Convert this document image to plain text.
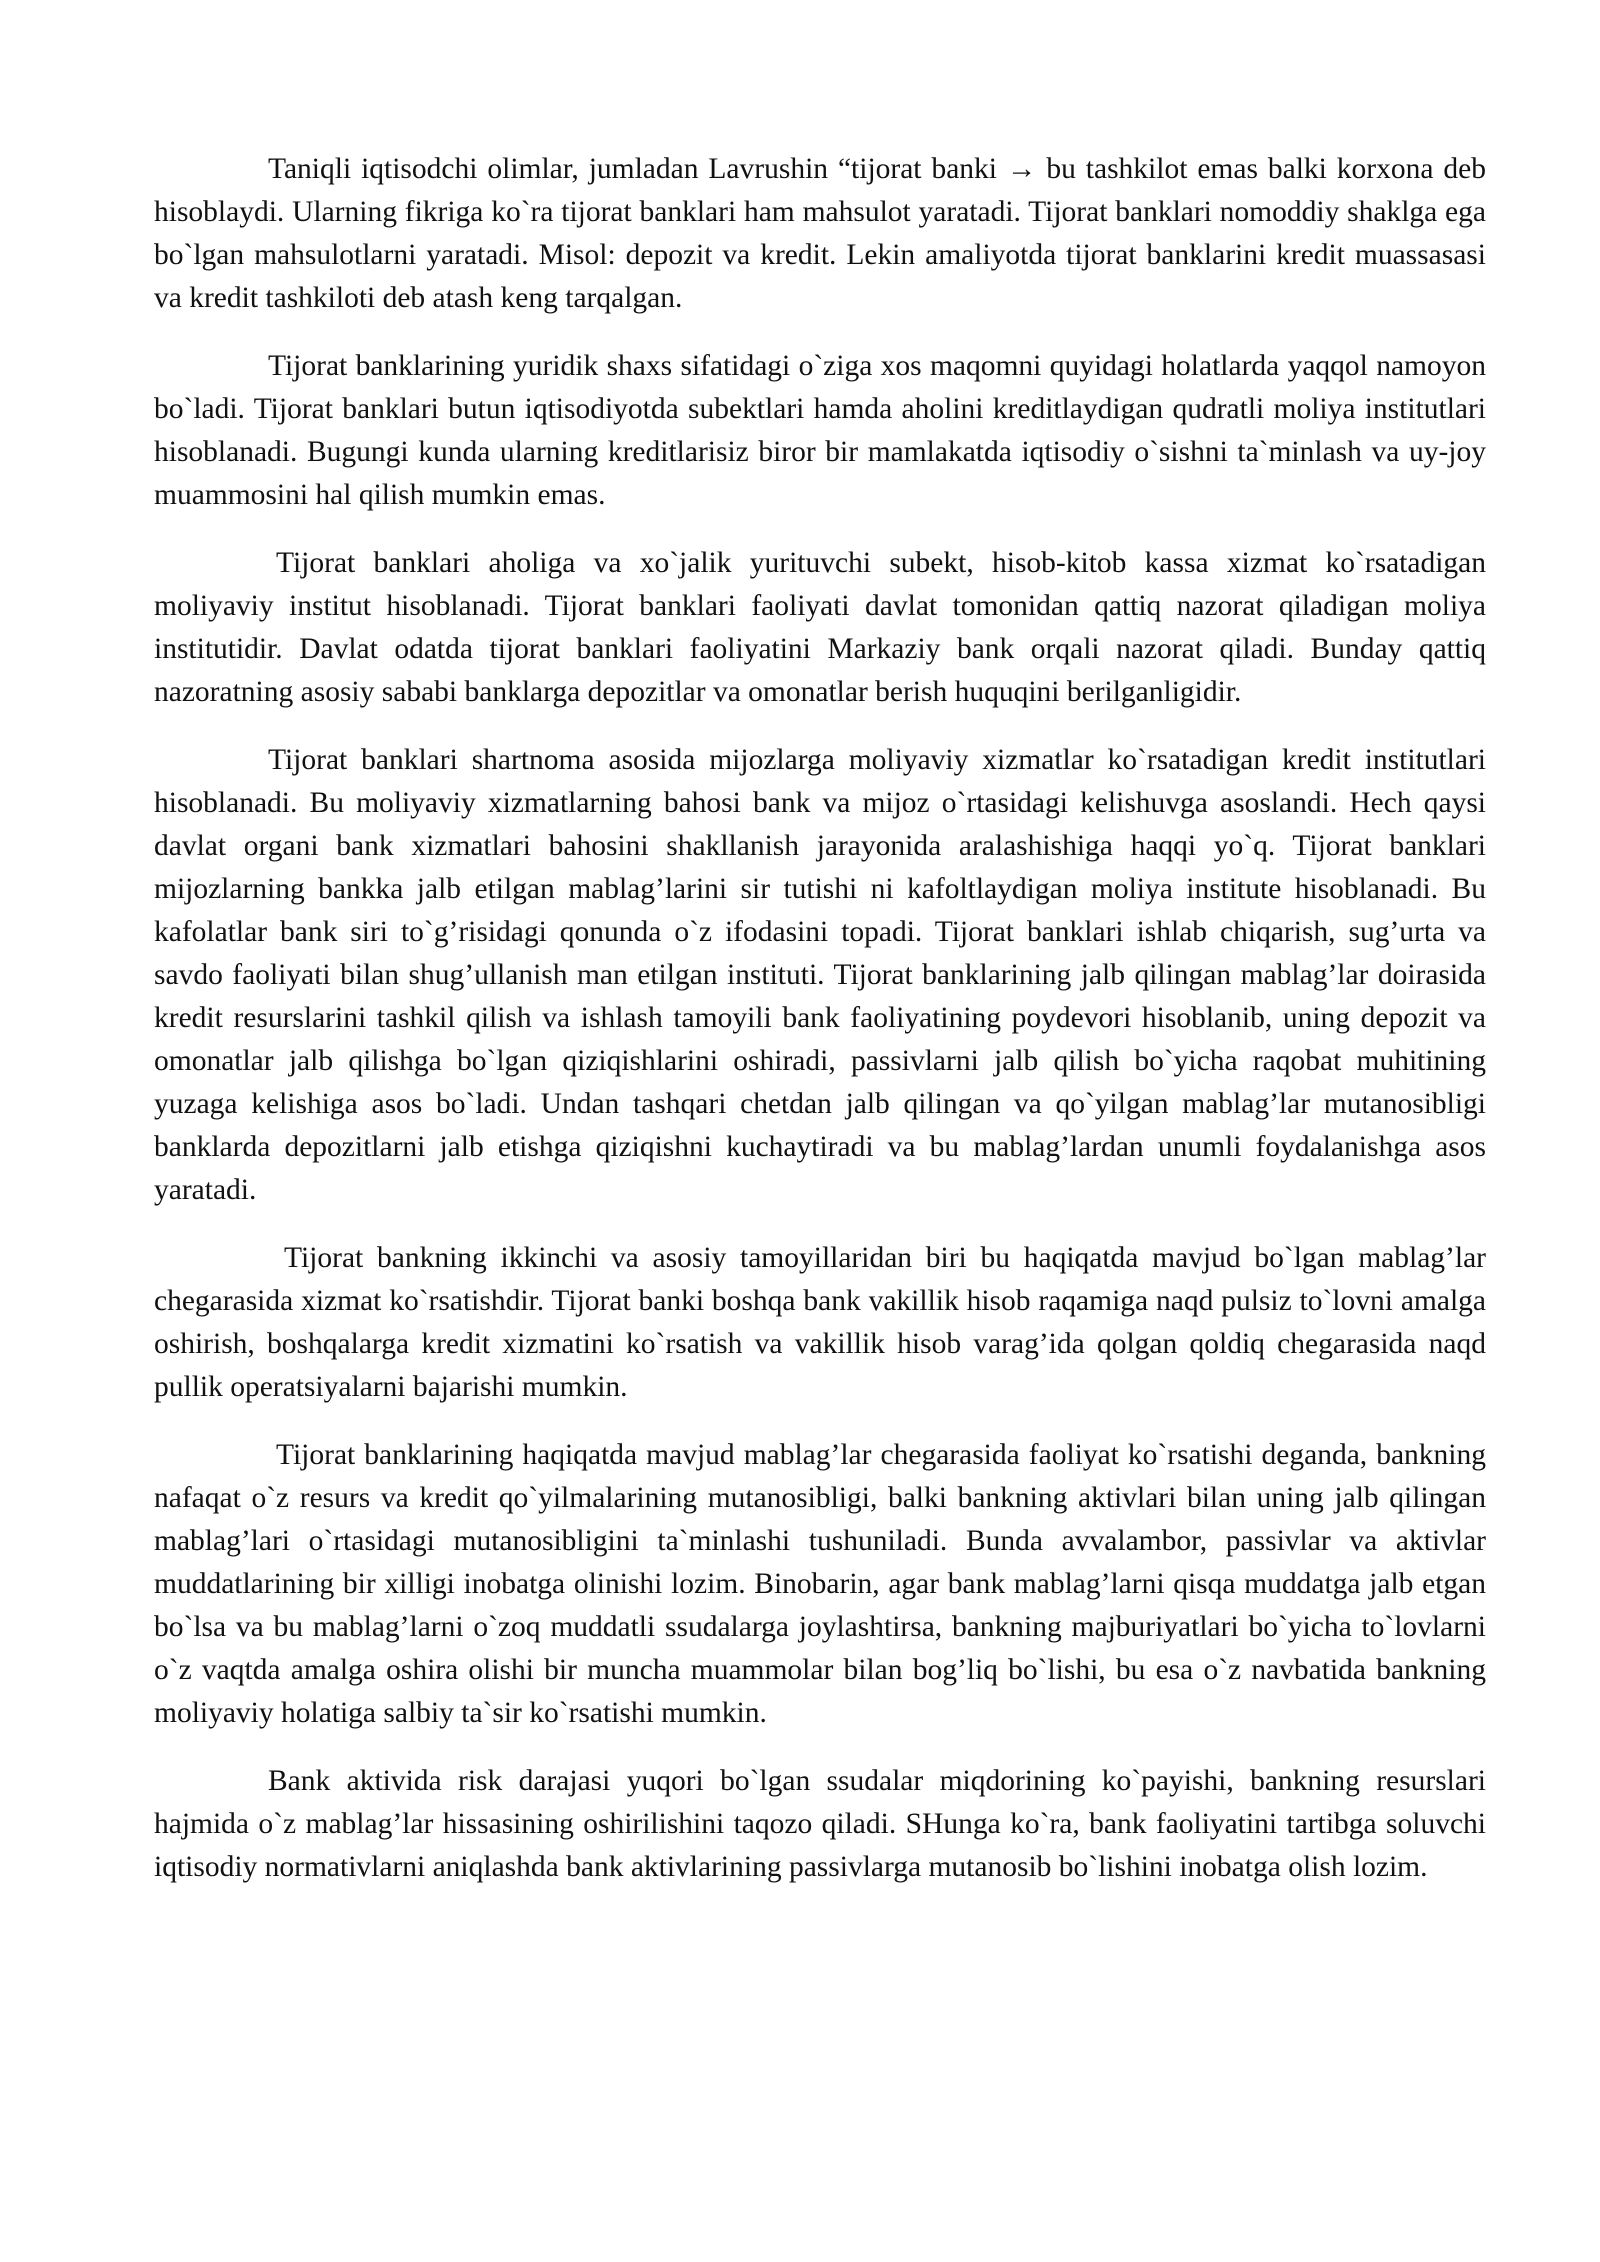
Taniqli iqtisodchi olimlar, jumladan Lavrushin “tijorat banki → bu tashkilot emas balki korxona deb hisoblaydi. Ularning fikriga ko`ra tijorat banklari ham mahsulot yaratadi. Tijorat banklari nomoddiy shaklga ega bo`lgan mahsulotlarni yaratadi. Misol: depozit va kredit. Lekin amaliyotda tijorat banklarini kredit muassasasi va kredit tashkiloti deb atash keng tarqalgan.

Tijorat banklarining yuridik shaxs sifatidagi o`ziga xos maqomni quyidagi holatlarda yaqqol namoyon bo`ladi. Tijorat banklari butun iqtisodiyotda subektlari hamda aholini kreditlaydigan qudratli moliya institutlari hisoblanadi. Bugungi kunda ularning kreditlarisiz biror bir mamlakatda iqtisodiy o`sishni ta`minlash va uy-joy muammosini hal qilish mumkin emas.

Tijorat banklari aholiga va xo`jalik yurituvchi subekt, hisob-kitob kassa xizmat ko`rsatadigan moliyaviy institut hisoblanadi. Tijorat banklari faoliyati davlat tomonidan qattiq nazorat qiladigan moliya institutidir. Davlat odatda tijorat banklari faoliyatini Markaziy bank orqali nazorat qiladi. Bunday qattiq nazoratning asosiy sababi banklarga depozitlar va omonatlar berish huquqini berilganligidir.

Tijorat banklari shartnoma asosida mijozlarga moliyaviy xizmatlar ko`rsatadigan kredit institutlari hisoblanadi. Bu moliyaviy xizmatlarning bahosi bank va mijoz o`rtasidagi kelishuvga asoslandi. Hech qaysi davlat organi bank xizmatlari bahosini shakllanish jarayonida aralashishiga haqqi yo`q. Tijorat banklari mijozlarning bankka jalb etilgan mablag’larini sir tutishi ni kafoltlaydigan moliya institute hisoblanadi. Bu kafolatlar bank siri to`g’risidagi qonunda o`z ifodasini topadi. Tijorat banklari ishlab chiqarish, sug’urta va savdo faoliyati bilan shug’ullanish man etilgan instituti. Tijorat banklarining jalb qilingan mablag’lar doirasida kredit resurslarini tashkil qilish va ishlash tamoyili bank faoliyatining poydevori hisoblanib, uning depozit va omonatlar jalb qilishga bo`lgan qiziqishlarini oshiradi, passivlarni jalb qilish bo`yicha raqobat muhitining yuzaga kelishiga asos bo`ladi. Undan tashqari chetdan jalb qilingan va qo`yilgan mablag’lar mutanosibligi banklarda depozitlarni jalb etishga qiziqishni kuchaytiradi va bu mablag’lardan unumli foydalanishga asos yaratadi.

Tijorat bankning ikkinchi va asosiy tamoyillaridan biri bu haqiqatda mavjud bo`lgan mablag’lar chegarasida xizmat ko`rsatishdir. Tijorat banki boshqa bank vakillik hisob raqamiga naqd pulsiz to`lovni amalga oshirish, boshqalarga kredit xizmatini ko`rsatish va vakillik hisob varag’ida qolgan qoldiq chegarasida naqd pullik operatsiyalarni bajarishi mumkin.

Tijorat banklarining haqiqatda mavjud mablag’lar chegarasida faoliyat ko`rsatishi deganda, bankning nafaqat o`z resurs va kredit qo`yilmalarining mutanosibligi, balki bankning aktivlari bilan uning jalb qilingan mablag’lari o`rtasidagi mutanosibligini ta`minlashi tushuniladi. Bunda avvalambor, passivlar va aktivlar muddatlarining bir xilligi inobatga olinishi lozim. Binobarin, agar bank mablag’larni qisqa muddatga jalb etgan bo`lsa va bu mablag’larni o`zoq muddatli ssudalarga joylashtirsa, bankning majburiyatlari bo`yicha to`lovlarni o`z vaqtda amalga oshira olishi bir muncha muammolar bilan bog’liq bo`lishi, bu esa o`z navbatida bankning moliyaviy holatiga salbiy ta`sir ko`rsatishi mumkin.

Bank aktivida risk darajasi yuqori bo`lgan ssudalar miqdorining ko`payishi, bankning resurslari hajmida o`z mablag’lar hissasining oshirilishini taqozo qiladi. SHunga ko`ra, bank faoliyatini tartibga soluvchi iqtisodiy normativlarni aniqlashda bank aktivlarining passivlarga mutanosib bo`lishini inobatga olish lozim.
